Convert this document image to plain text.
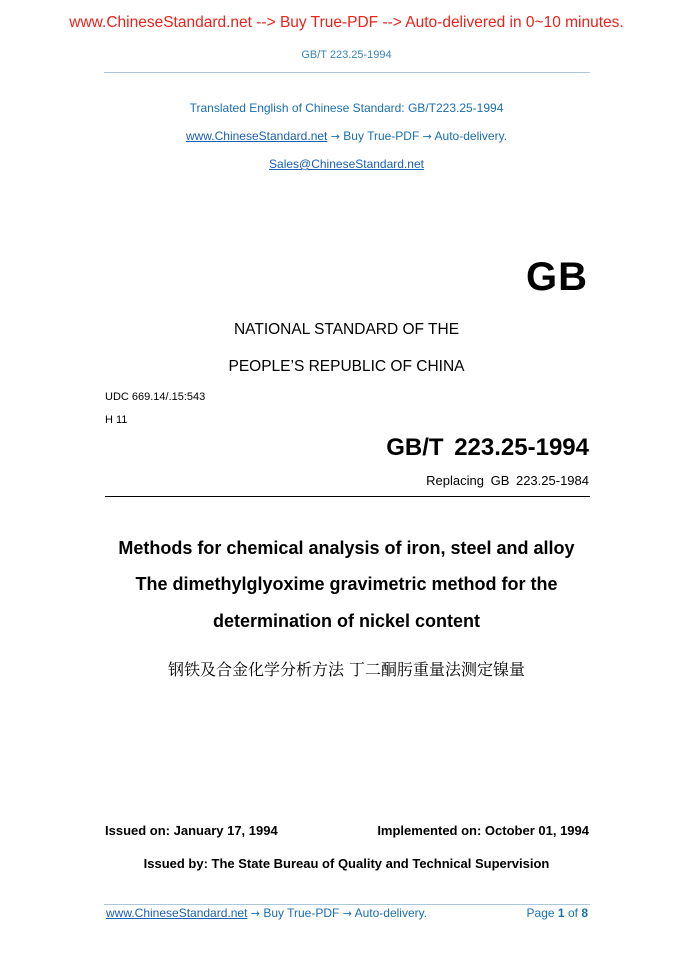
www.ChineseStandard.net --> Buy True-PDF --> Auto-delivered in 0~10 minutes.
GB/T 223.25-1994
Translated English of Chinese Standard: GB/T223.25-1994
www.ChineseStandard.net → Buy True-PDF → Auto-delivery.
Sales@ChineseStandard.net
GB
NATIONAL STANDARD OF THE
PEOPLE’S REPUBLIC OF CHINA
UDC 669.14/.15:543
H 11
GB/T 223.25-1994
Replacing GB 223.25-1984
Methods for chemical analysis of iron, steel and alloy
The dimethylglyoxime gravimetric method for the
determination of nickel content
钢铁及合金化学分析方法 丁二酮肟重量法测定镍量
Issued on: January 17, 1994	Implemented on: October 01, 1994
Issued by: The State Bureau of Quality and Technical Supervision
www.ChineseStandard.net → Buy True-PDF → Auto-delivery.	Page 1 of 8
